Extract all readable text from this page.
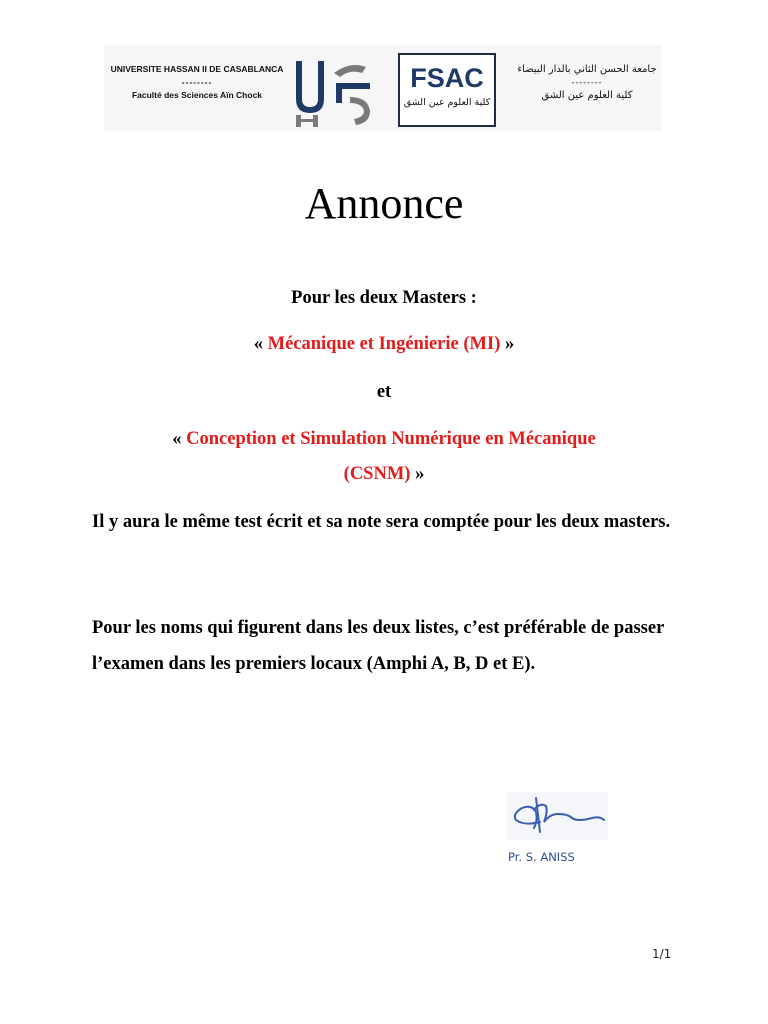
UNIVERSITE HASSAN II DE CASABLANCA
--------
Faculté des Sciences Aïn Chock
FSAC
كلية العلوم عين الشق
جامعة الحسن الثاني بالدار البيضاء
--------
كلية العلوم عين الشق
Annonce
Pour les deux Masters :
« Mécanique et Ingénierie (MI) »
et
« Conception et Simulation Numérique en Mécanique
(CSNM) »
Il y aura le même test écrit et sa note sera comptée pour les deux masters.
Pour les noms qui figurent dans les deux listes, c’est préférable de passer l’examen dans les premiers locaux (Amphi A, B, D et E).
Pr. S. ANISS
1/1
